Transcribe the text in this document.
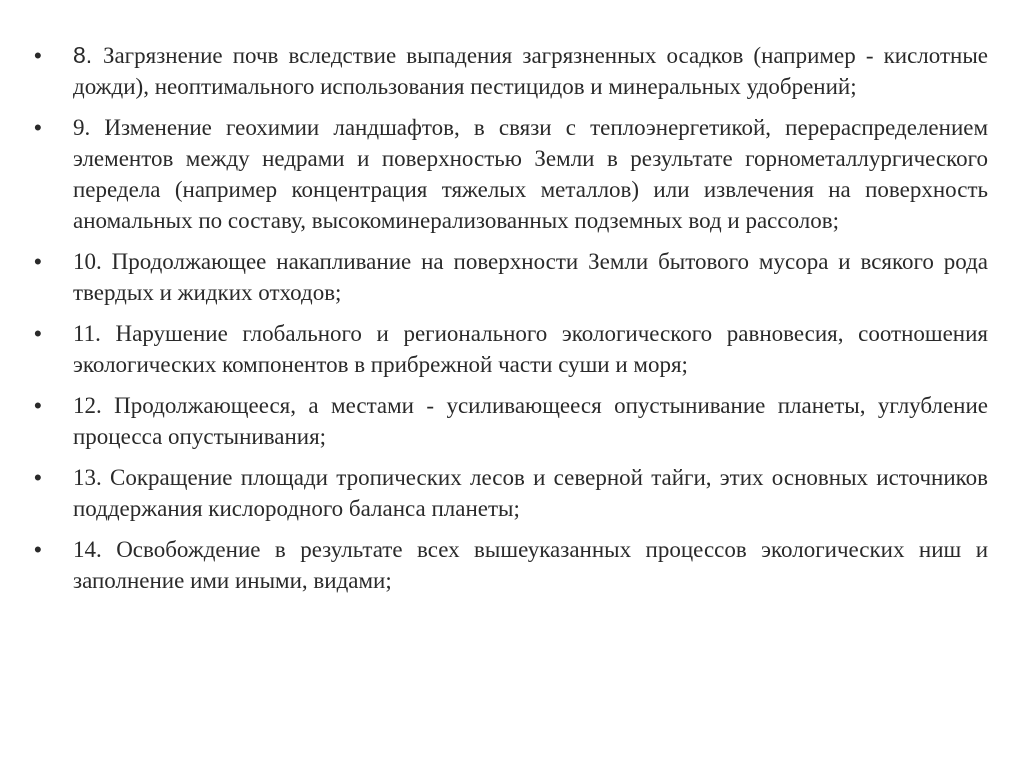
•	8. Загрязнение почв вследствие выпадения загрязненных осадков (например - кислотные дожди), неоптимального использования пестицидов и минеральных удобрений;
•	9. Изменение геохимии ландшафтов, в связи с теплоэнергетикой, перераспределением элементов между недрами и поверхностью Земли в результате горнометаллургического передела (например концентрация тяжелых металлов) или извлечения на поверхность аномальных по составу, высокоминерализованных подземных вод и рассолов;
•	10. Продолжающее накапливание на поверхности Земли бытового мусора и всякого рода твердых и жидких отходов;
•	11. Нарушение глобального и регионального экологического равновесия, соотношения экологических компонентов в прибрежной части суши и моря;
•	12. Продолжающееся, а местами - усиливающееся опустынивание планеты, углубление процесса опустынивания;
•	13. Сокращение площади тропических лесов и северной тайги, этих основных источников поддержания кислородного баланса планеты;
•	14. Освобождение в результате всех вышеуказанных процессов экологических ниш и заполнение ими иными, видами;
